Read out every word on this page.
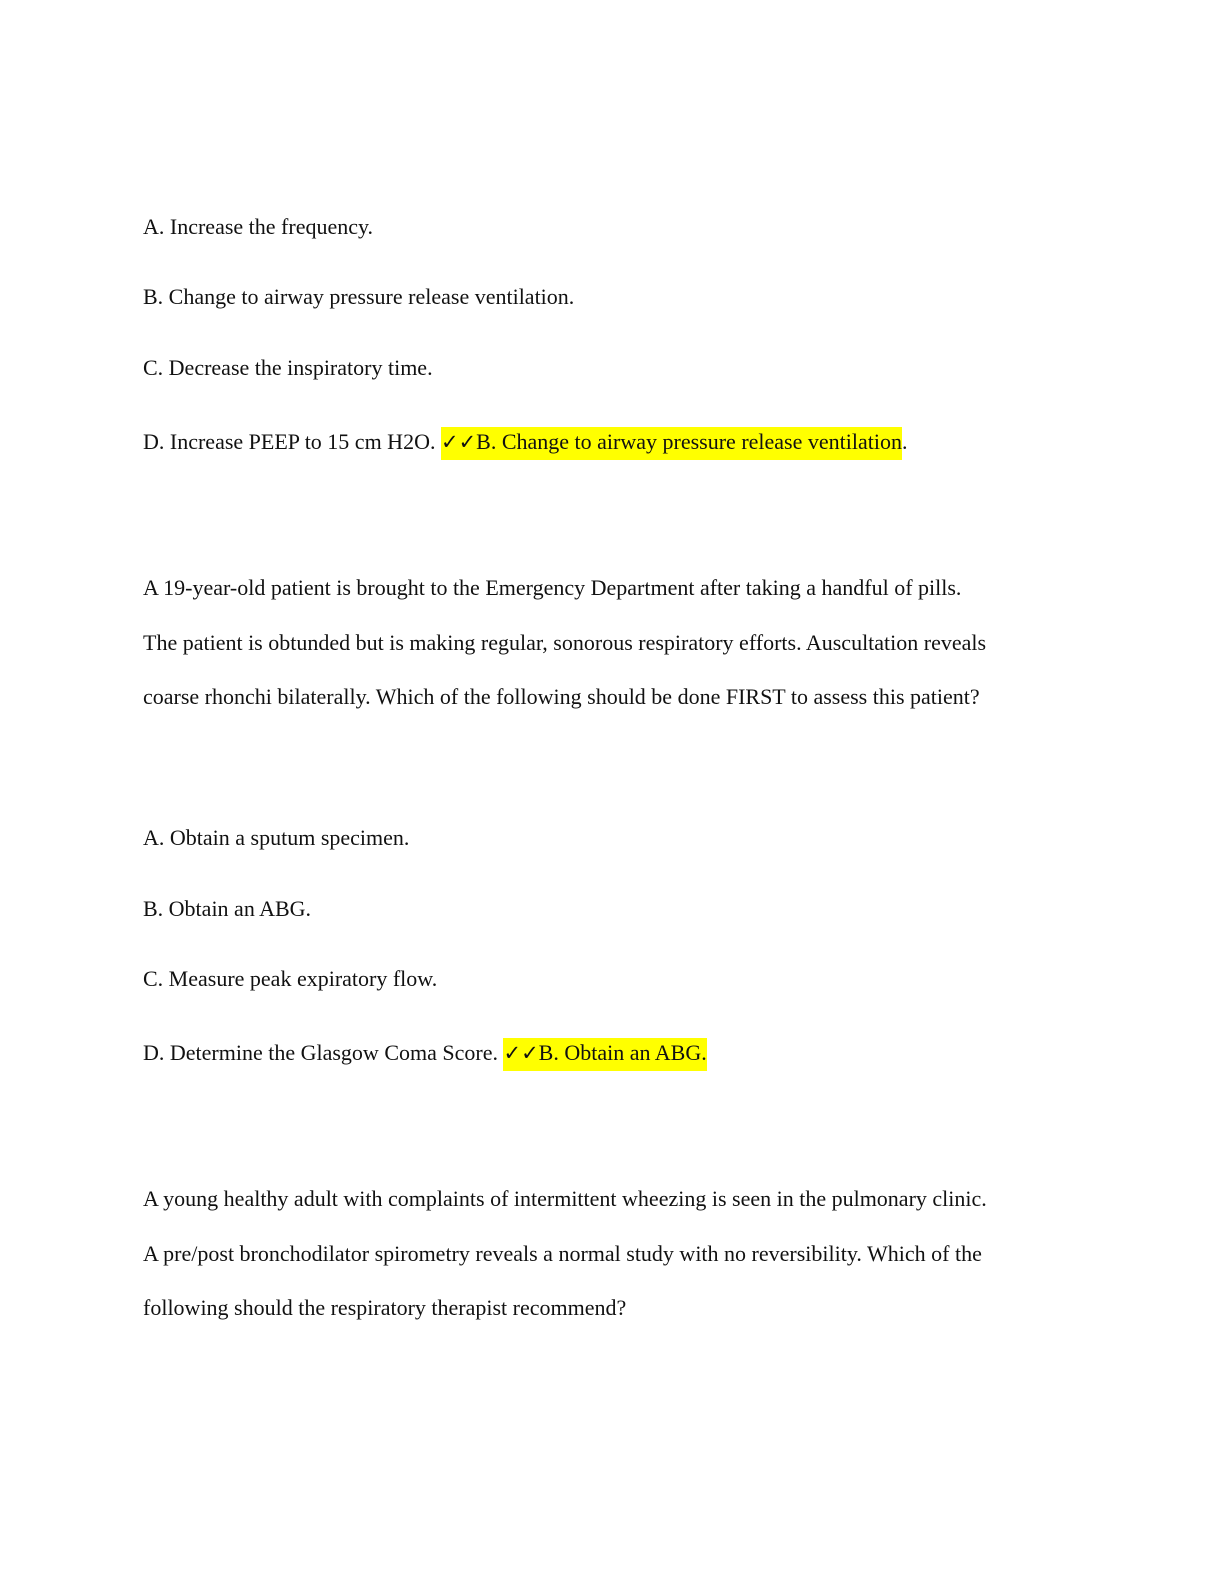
A. Increase the frequency.
B. Change to airway pressure release ventilation.
C. Decrease the inspiratory time.
D. Increase PEEP to 15 cm H2O. ✓✓B. Change to airway pressure release ventilation.
A 19-year-old patient is brought to the Emergency Department after taking a handful of pills.
The patient is obtunded but is making regular, sonorous respiratory efforts. Auscultation reveals
coarse rhonchi bilaterally. Which of the following should be done FIRST to assess this patient?
A. Obtain a sputum specimen.
B. Obtain an ABG.
C. Measure peak expiratory flow.
D. Determine the Glasgow Coma Score. ✓✓B. Obtain an ABG.
A young healthy adult with complaints of intermittent wheezing is seen in the pulmonary clinic.
A pre/post bronchodilator spirometry reveals a normal study with no reversibility. Which of the
following should the respiratory therapist recommend?
